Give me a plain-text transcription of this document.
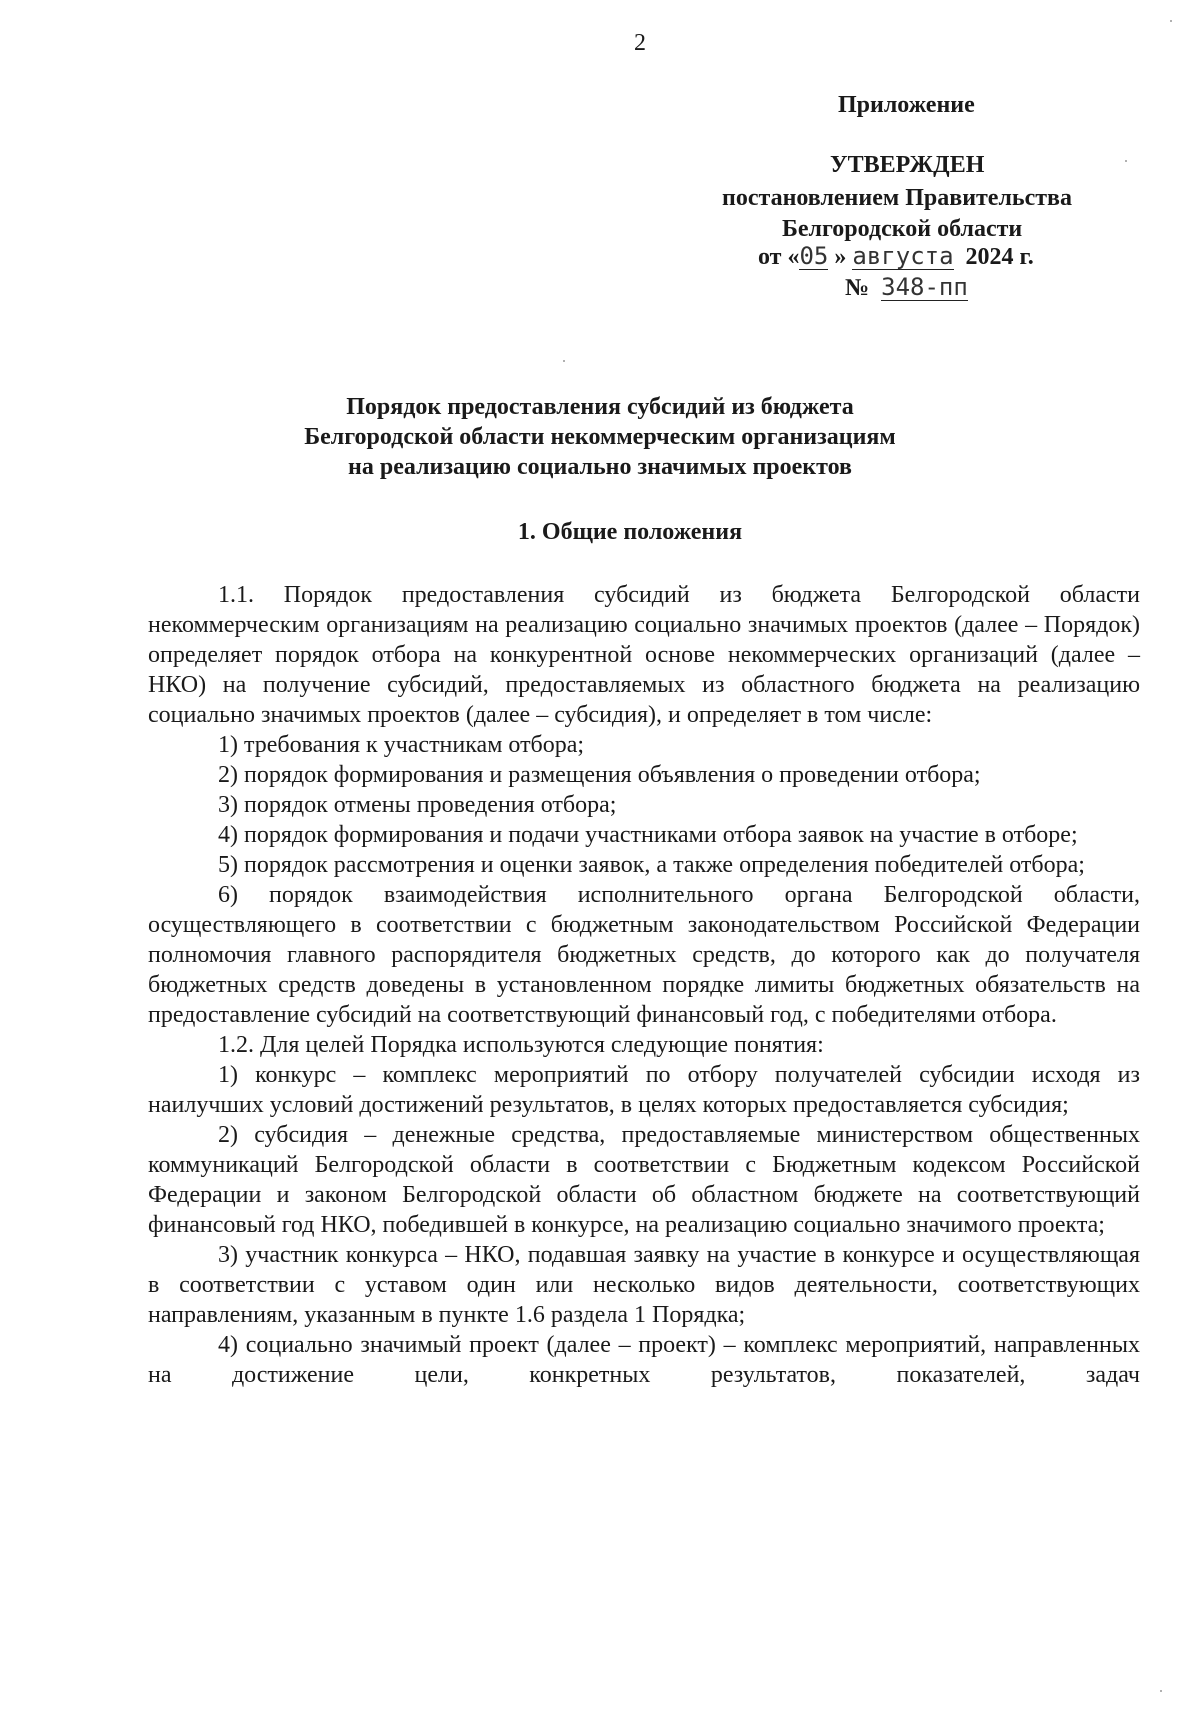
2
Приложение
УТВЕРЖДЕН
постановлением Правительства
Белгородской области
от «05 » августа 2024 г.
№ 348-пп
Порядок предоставления субсидий из бюджета
Белгородской области некоммерческим организациям
на реализацию социально значимых проектов
1. Общие положения

1.1. Порядок предоставления субсидий из бюджета Белгородской области некоммерческим организациям на реализацию социально значимых проектов (далее – Порядок) определяет порядок отбора на конкурентной основе некоммерческих организаций (далее – НКО) на получение субсидий, предоставляемых из областного бюджета на реализацию социально значимых проектов (далее – субсидия), и определяет в том числе:

1) требования к участникам отбора;

2) порядок формирования и размещения объявления о проведении отбора;

3) порядок отмены проведения отбора;

4) порядок формирования и подачи участниками отбора заявок на участие в отборе;

5) порядок рассмотрения и оценки заявок, а также определения победителей отбора;

6) порядок взаимодействия исполнительного органа Белгородской области, осуществляющего в соответствии с бюджетным законодательством Российской Федерации полномочия главного распорядителя бюджетных средств, до которого как до получателя бюджетных средств доведены в установленном порядке лимиты бюджетных обязательств на предоставление субсидий на соответствующий финансовый год, с победителями отбора.

1.2. Для целей Порядка используются следующие понятия:

1) конкурс – комплекс мероприятий по отбору получателей субсидии исходя из наилучших условий достижений результатов, в целях которых предоставляется субсидия;

2) субсидия – денежные средства, предоставляемые министерством общественных коммуникаций Белгородской области в соответствии с Бюджетным кодексом Российской Федерации и законом Белгородской области об областном бюджете на соответствующий финансовый год НКО, победившей в конкурсе, на реализацию социально значимого проекта;

3) участник конкурса – НКО, подавшая заявку на участие в конкурсе и осуществляющая в соответствии с уставом один или несколько видов деятельности, соответствующих направлениям, указанным в пункте 1.6 раздела 1 Порядка;

4) социально значимый проект (далее – проект) – комплекс мероприятий, направленных на достижение цели, конкретных результатов, показателей, задач
